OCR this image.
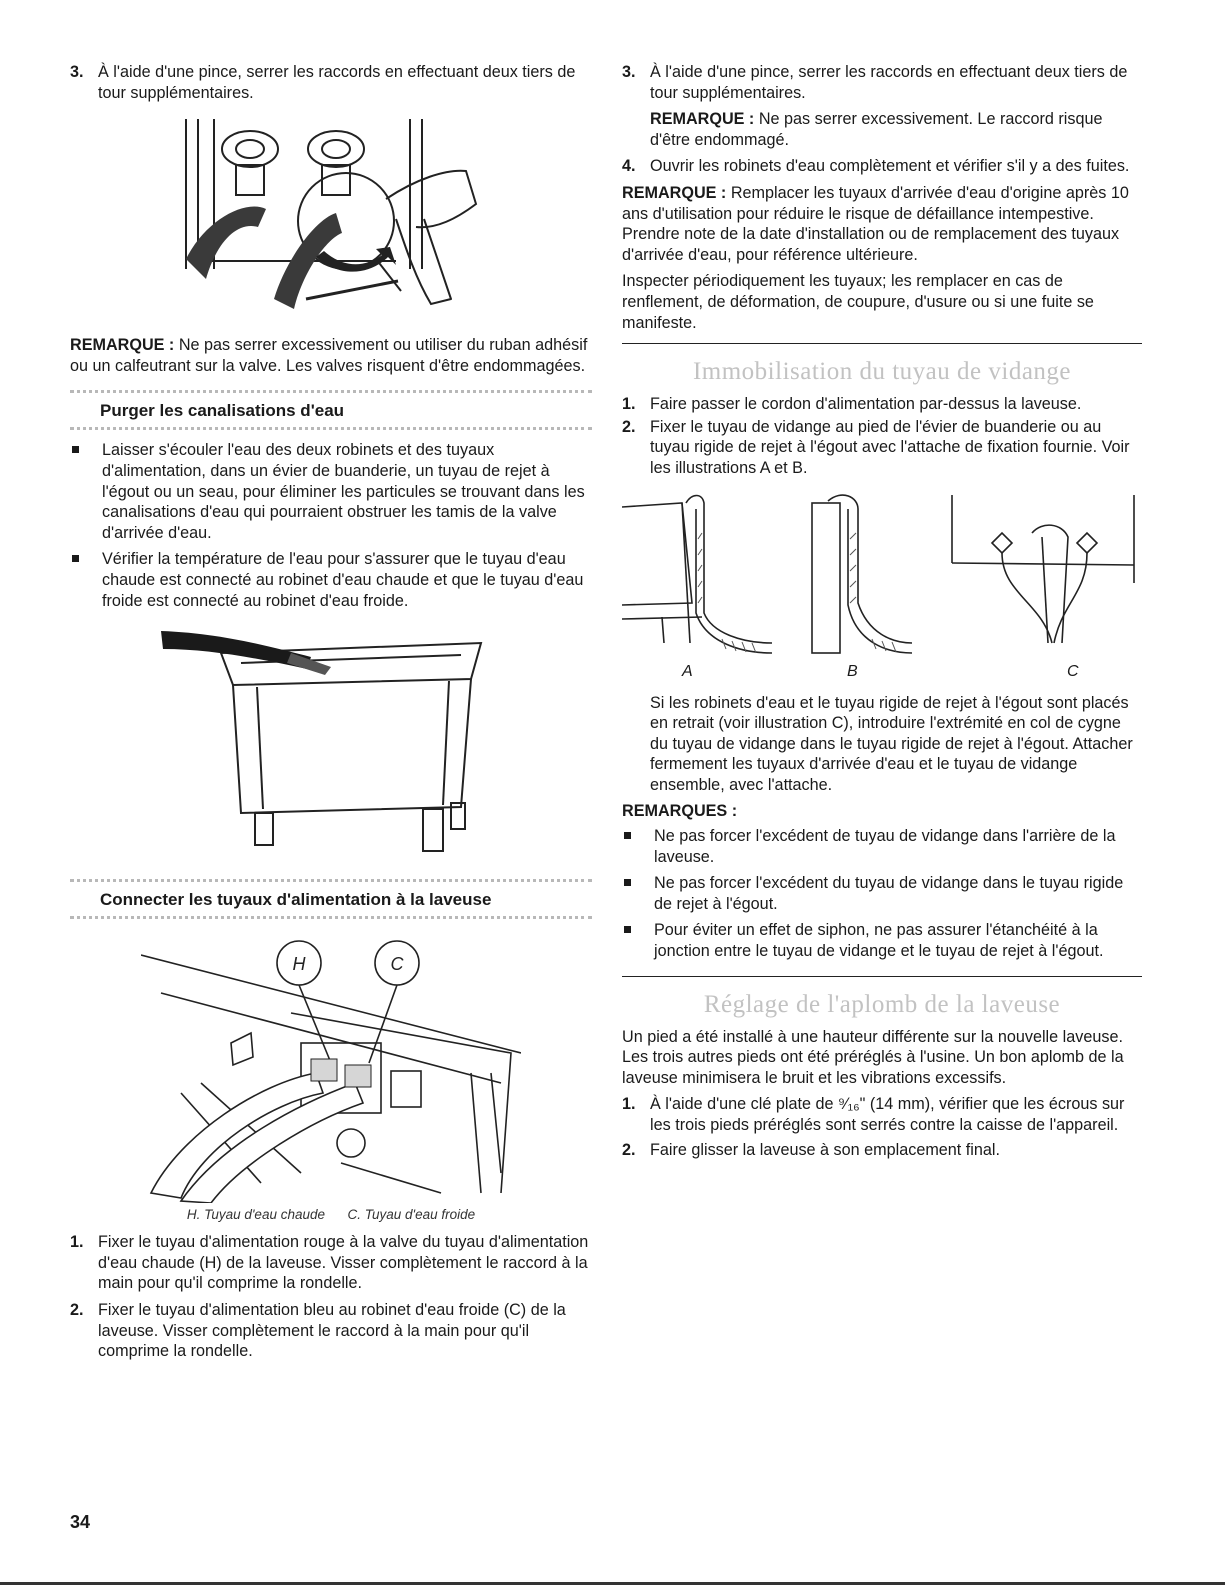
3. À l'aide d'une pince, serrer les raccords en effectuant deux tiers de tour supplémentaires.

REMARQUE : Ne pas serrer excessivement ou utiliser du ruban adhésif ou un calfeutrant sur la valve. Les valves risquent d'être endommagées.

Purger les canalisations d'eau
Laisser s'écouler l'eau des deux robinets et des tuyaux d'alimentation, dans un évier de buanderie, un tuyau de rejet à l'égout ou un seau, pour éliminer les particules se trouvant dans les canalisations d'eau qui pourraient obstruer les tamis de la valve d'arrivée d'eau.
Vérifier la température de l'eau pour s'assurer que le tuyau d'eau chaude est connecté au robinet d'eau chaude et que le tuyau d'eau froide est connecté au robinet d'eau froide.
Connecter les tuyaux d'alimentation à la laveuse
H	C
H. Tuyau d'eau chaude      C. Tuyau d'eau froide
1. Fixer le tuyau d'alimentation rouge à la valve du tuyau d'alimentation d'eau chaude (H) de la laveuse. Visser complètement le raccord à la main pour qu'il comprime la rondelle.
2. Fixer le tuyau d'alimentation bleu au robinet d'eau froide (C) de la laveuse. Visser complètement le raccord à la main pour qu'il comprime la rondelle.
3. À l'aide d'une pince, serrer les raccords en effectuant deux tiers de tour supplémentaires.

REMARQUE : Ne pas serrer excessivement. Le raccord risque d'être endommagé.

4. Ouvrir les robinets d'eau complètement et vérifier s'il y a des fuites.

REMARQUE : Remplacer les tuyaux d'arrivée d'eau d'origine après 10 ans d'utilisation pour réduire le risque de défaillance intempestive. Prendre note de la date d'installation ou de remplacement des tuyaux d'arrivée d'eau, pour référence ultérieure.

Inspecter périodiquement les tuyaux; les remplacer en cas de renflement, de déformation, de coupure, d'usure ou si une fuite se manifeste.

Immobilisation du tuyau de vidange
1. Faire passer le cordon d'alimentation par-dessus la laveuse.
2. Fixer le tuyau de vidange au pied de l'évier de buanderie ou au tuyau rigide de rejet à l'égout avec l'attache de fixation fournie. Voir les illustrations A et B.
A	B	C

Si les robinets d'eau et le tuyau rigide de rejet à l'égout sont placés en retrait (voir illustration C), introduire l'extrémité en col de cygne du tuyau de vidange dans le tuyau rigide de rejet à l'égout. Attacher fermement les tuyaux d'arrivée d'eau et le tuyau de vidange ensemble, avec l'attache.

REMARQUES :

Ne pas forcer l'excédent de tuyau de vidange dans l'arrière de la laveuse.
Ne pas forcer l'excédent du tuyau de vidange dans le tuyau rigide de rejet à l'égout.
Pour éviter un effet de siphon, ne pas assurer l'étanchéité à la jonction entre le tuyau de vidange et le tuyau de rejet à l'égout.
Réglage de l'aplomb de la laveuse

Un pied a été installé à une hauteur différente sur la nouvelle laveuse. Les trois autres pieds ont été préréglés à l'usine. Un bon aplomb de la laveuse minimisera le bruit et les vibrations excessifs.

1. À l'aide d'une clé plate de ⁹⁄₁₆" (14 mm), vérifier que les écrous sur les trois pieds préréglés sont serrés contre la caisse de l'appareil.
2. Faire glisser la laveuse à son emplacement final.
34
